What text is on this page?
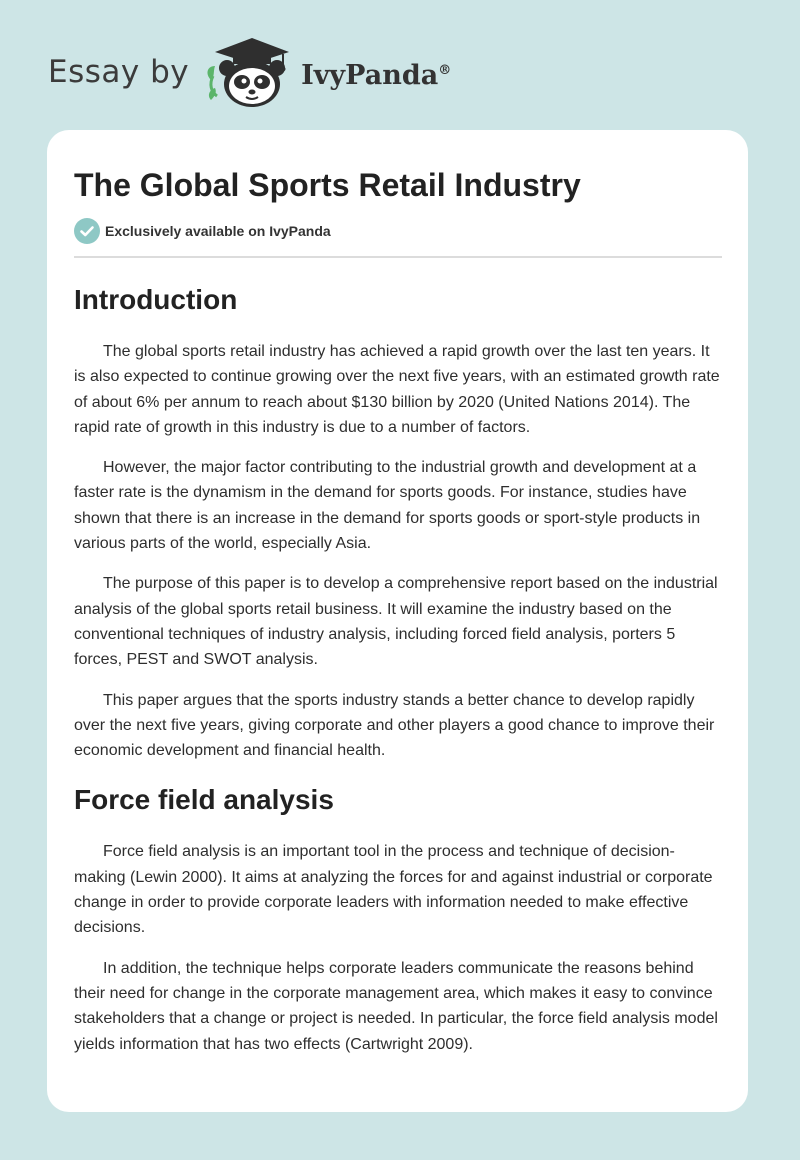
Essay by	IvyPanda®
The Global Sports Retail Industry
Exclusively available on IvyPanda
Introduction

The global sports retail industry has achieved a rapid growth over the last ten years. It is also expected to continue growing over the next five years, with an estimated growth rate of about 6% per annum to reach about $130 billion by 2020 (United Nations 2014). The rapid rate of growth in this industry is due to a number of factors.

However, the major factor contributing to the industrial growth and development at a faster rate is the dynamism in the demand for sports goods. For instance, studies have shown that there is an increase in the demand for sports goods or sport-style products in various parts of the world, especially Asia.

The purpose of this paper is to develop a comprehensive report based on the industrial analysis of the global sports retail business. It will examine the industry based on the conventional techniques of industry analysis, including forced field analysis, porters 5 forces, PEST and SWOT analysis.

This paper argues that the sports industry stands a better chance to develop rapidly over the next five years, giving corporate and other players a good chance to improve their economic development and financial health.

Force field analysis

Force field analysis is an important tool in the process and technique of decision-making (Lewin 2000). It aims at analyzing the forces for and against industrial or corporate change in order to provide corporate leaders with information needed to make effective decisions.

In addition, the technique helps corporate leaders communicate the reasons behind their need for change in the corporate management area, which makes it easy to convince stakeholders that a change or project is needed. In particular, the force field analysis model yields information that has two effects (Cartwright 2009).
